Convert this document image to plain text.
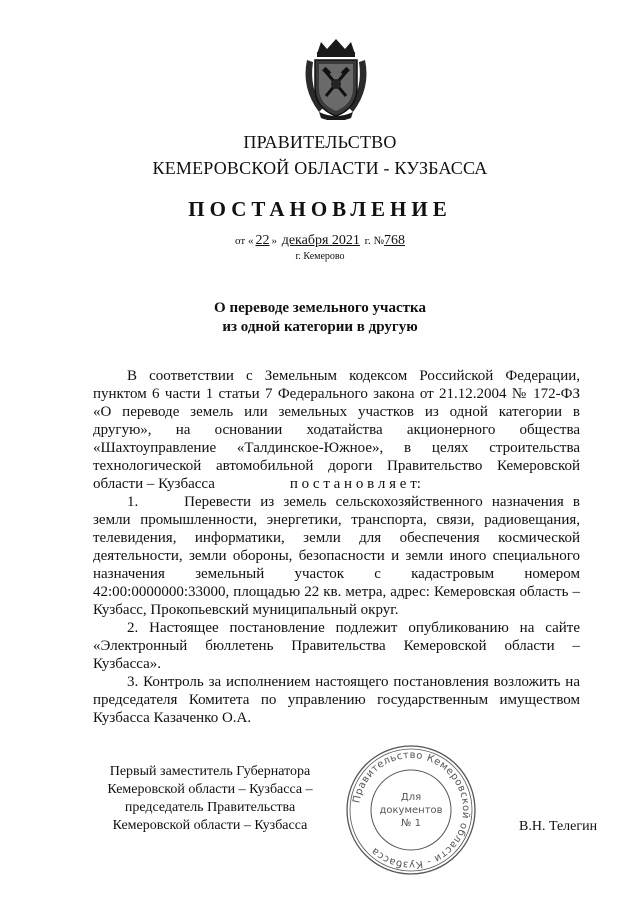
ПРАВИТЕЛЬСТВО
КЕМЕРОВСКОЙ ОБЛАСТИ - КУЗБАССА
ПОСТАНОВЛЕНИЕ
от « 22 » декабря 2021 г. №768
г. Кемерово
О переводе земельного участка
из одной категории в другую
В соответствии с Земельным кодексом Российской Федерации,
пунктом 6 части 1 статьи 7 Федерального закона от 21.12.2004 № 172-ФЗ
«О переводе земель или земельных участков из одной категории в
другую», на основании ходатайства акционерного общества
«Шахтоуправление «Талдинское-Южное», в целях строительства
технологической автомобильной дороги Правительство Кемеровской
области – Кузбасса                    п о с т а н о в л я е т:
1.     Перевести из земель сельскохозяйственного назначения в
земли промышленности, энергетики, транспорта, связи, радиовещания,
телевидения, информатики, земли для обеспечения космической
деятельности, земли обороны, безопасности и земли иного специального
назначения земельный участок с кадастровым номером
42:00:0000000:33000, площадью 22 кв. метра, адрес: Кемеровская область –
Кузбасс, Прокопьевский муниципальный округ.
2. Настоящее постановление подлежит опубликованию на сайте
«Электронный бюллетень Правительства Кемеровской области –
Кузбасса».
3. Контроль за исполнением настоящего постановления возложить на
председателя Комитета по управлению государственным имуществом
Кузбасса Казаченко О.А.
Первый заместитель Губернатора
Кемеровской области – Кузбасса –
председатель Правительства
Кемеровской области – Кузбасса	В.Н. Телегин
Правительство Кемеровской области - Кузбасса
Для
документов
№ 1
